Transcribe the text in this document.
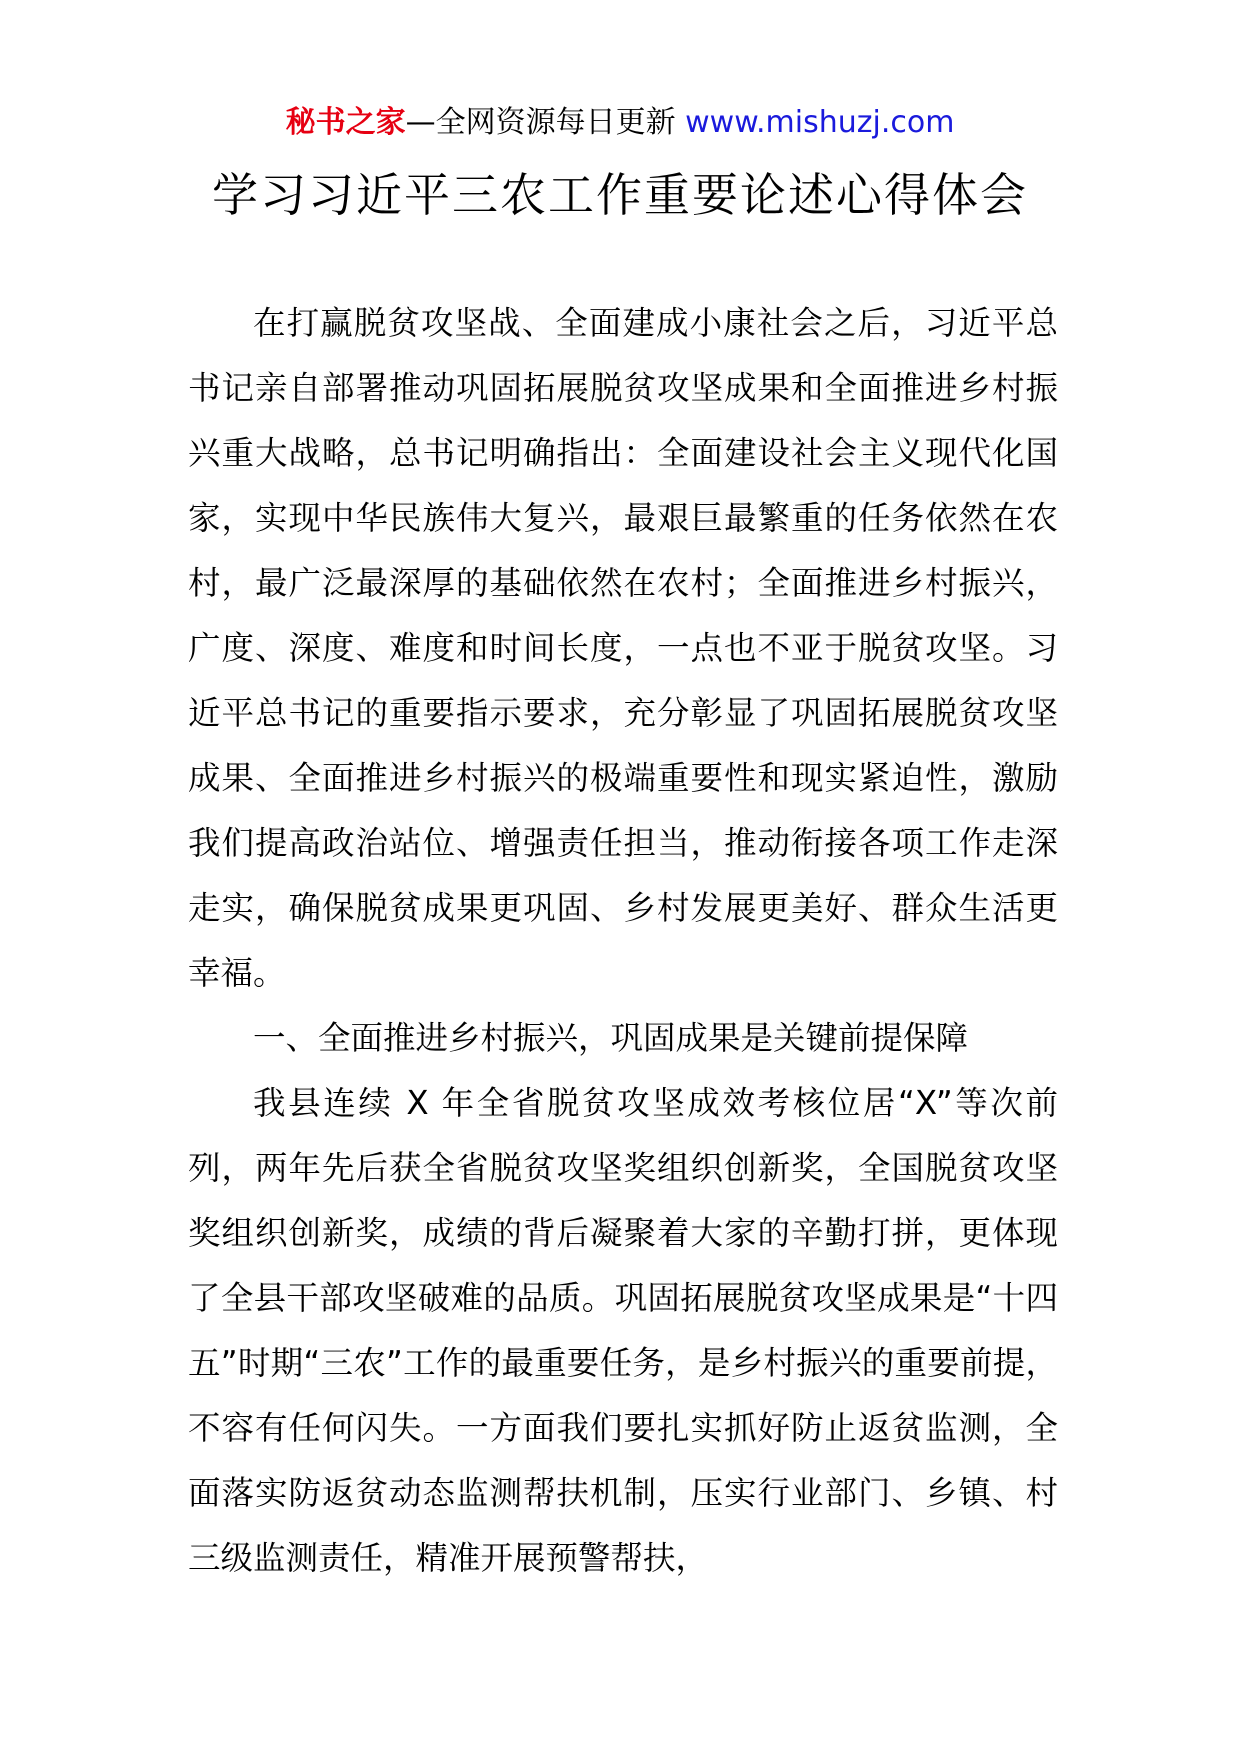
秘书之家—全网资源每日更新 www.mishuzj.com
学习习近平三农工作重要论述心得体会

在打赢脱贫攻坚战、全面建成小康社会之后，习近平总书记亲自部署推动巩固拓展脱贫攻坚成果和全面推进乡村振兴重大战略，总书记明确指出：全面建设社会主义现代化国家，实现中华民族伟大复兴，最艰巨最繁重的任务依然在农村，最广泛最深厚的基础依然在农村；全面推进乡村振兴，广度、深度、难度和时间长度，一点也不亚于脱贫攻坚。习近平总书记的重要指示要求，充分彰显了巩固拓展脱贫攻坚成果、全面推进乡村振兴的极端重要性和现实紧迫性，激励我们提高政治站位、增强责任担当，推动衔接各项工作走深走实，确保脱贫成果更巩固、乡村发展更美好、群众生活更幸福。

一、全面推进乡村振兴，巩固成果是关键前提保障

我县连续 X 年全省脱贫攻坚成效考核位居“X”等次前列，两年先后获全省脱贫攻坚奖组织创新奖，全国脱贫攻坚奖组织创新奖，成绩的背后凝聚着大家的辛勤打拼，更体现了全县干部攻坚破难的品质。巩固拓展脱贫攻坚成果是“十四五”时期“三农”工作的最重要任务，是乡村振兴的重要前提，不容有任何闪失。一方面我们要扎实抓好防止返贫监测，全面落实防返贫动态监测帮扶机制，压实行业部门、乡镇、村三级监测责任，精准开展预警帮扶，
